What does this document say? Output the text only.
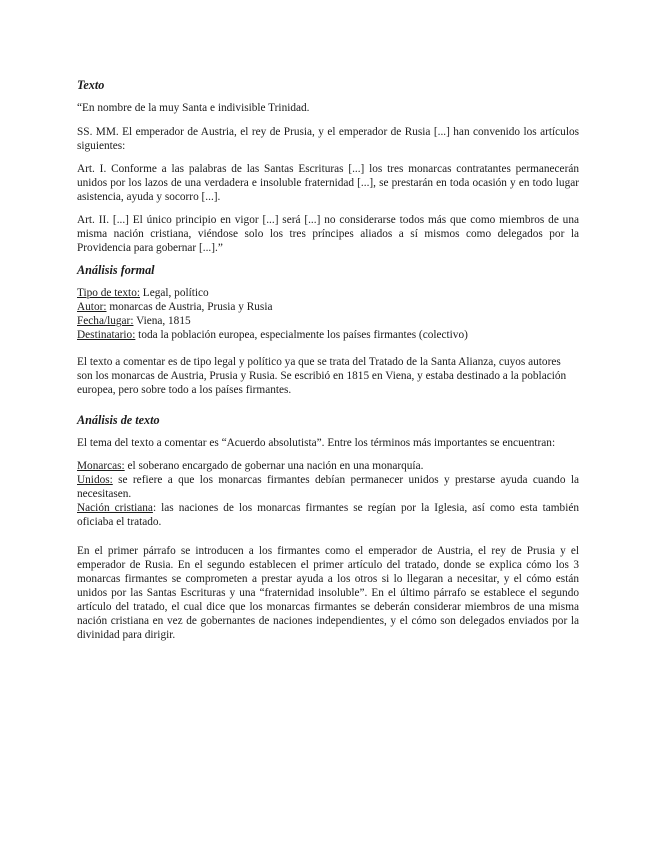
Texto

“En nombre de la muy Santa e indivisible Trinidad.

SS. MM. El emperador de Austria, el rey de Prusia, y el emperador de Rusia [...] han convenido los artículos siguientes:

Art. I. Conforme a las palabras de las Santas Escrituras [...] los tres monarcas contratantes permanecerán unidos por los lazos de una verdadera e insoluble fraternidad [...], se prestarán en toda ocasión y en todo lugar asistencia, ayuda y socorro [...].

Art. II. [...] El único principio en vigor [...] será [...] no considerarse todos más que como miembros de una misma nación cristiana, viéndose solo los tres príncipes aliados a sí mismos como delegados por la Providencia para gobernar [...].”

Análisis formal

Tipo de texto: Legal, político

Autor: monarcas de Austria, Prusia y Rusia

Fecha/lugar: Viena, 1815

Destinatario: toda la población europea, especialmente los países firmantes (colectivo)

El texto a comentar es de tipo legal y político ya que se trata del Tratado de la Santa Alianza, cuyos autores son los monarcas de Austria, Prusia y Rusia. Se escribió en 1815 en Viena, y estaba destinado a la población europea, pero sobre todo a los países firmantes.

Análisis de texto

El tema del texto a comentar es “Acuerdo absolutista”. Entre los términos más importantes se encuentran:

Monarcas: el soberano encargado de gobernar una nación en una monarquía.

Unidos: se refiere a que los monarcas firmantes debían permanecer unidos y prestarse ayuda cuando la necesitasen.

Nación cristiana: las naciones de los monarcas firmantes se regían por la Iglesia, así como esta también oficiaba el tratado.

En el primer párrafo se introducen a los firmantes como el emperador de Austria, el rey de Prusia y el emperador de Rusia. En el segundo establecen el primer artículo del tratado, donde se explica cómo los 3 monarcas firmantes se comprometen a prestar ayuda a los otros si lo llegaran a necesitar, y el cómo están unidos por las Santas Escrituras y una “fraternidad insoluble”. En el último párrafo se establece el segundo artículo del tratado, el cual dice que los monarcas firmantes se deberán considerar miembros de una misma nación cristiana en vez de gobernantes de naciones independientes, y el cómo son delegados enviados por la divinidad para dirigir.
